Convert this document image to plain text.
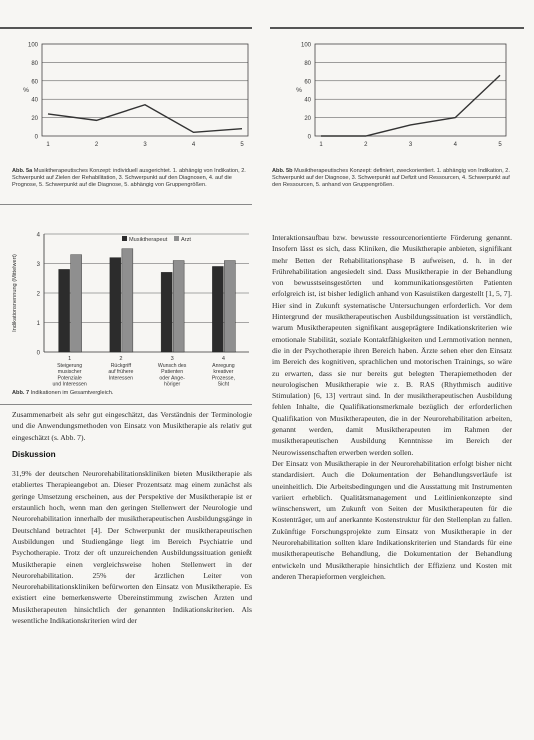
0
20
40
60
80
100
%
1	2	3	4	5
Abb. 5a Musiktherapeutisches Konzept: individuell ausgerichtet. 1. abhängig von Indikation, 2. Schwerpunkt auf Zielen der Rehabilitation, 3. Schwerpunkt auf den Diagnosen, 4. auf die Prognose, 5. Schwerpunkt auf die Diagnose, 5. abhängig von Gruppengrößen.
0
20
40
60
80
100
%
1	2	3	4	5
Abb. 5b Musiktherapeutisches Konzept: definiert, zweckorientiert. 1. abhängig von Indikation, 2. Schwerpunkt auf der Diagnose, 3. Schwerpunkt auf Defizit und Ressourcen, 4. Schwerpunkt auf den Ressourcen, 5. anhand von Gruppengrößen.
0
1
2
3
4
Indikationsnennung (Mittelwert)
1
Steigerung
musischer
Potenziale
und Interessen
2
Rückgriff
auf frühere
Interessen
3
Wunsch des
Patienten
oder Ange-
höriger
4
Anregung
kreativer
Prozesse,
Sicht
Musiktherapeut Arzt
Abb. 7 Indikationen im Gesamtvergleich.

Zusammenarbeit als sehr gut eingeschätzt, das Verständnis der Terminologie und die Anwendungsmethoden von Einsatz von Musiktherapie als relativ gut eingeschätzt (s. Abb. 7).

Diskussion

31,9% der deutschen Neurorehabilitationskliniken bieten Musiktherapie als etabliertes Therapieangebot an. Dieser Prozentsatz mag einem zunächst als geringe Umsetzung erscheinen, aus der Perspektive der Musiktherapie ist er erstaunlich hoch, wenn man den geringen Stellenwert der Neurologie und Neurorehabilitation innerhalb der musiktherapeutischen Ausbildungsgänge in Deutschland betrachtet [4]. Der Schwerpunkt der musiktherapeutischen Ausbildungen und Studiengänge liegt im Bereich Psychiatrie und Psychotherapie. Trotz der oft unzureichenden Ausbildungssituation genießt Musiktherapie einen vergleichsweise hohen Stellenwert in der Neurorehabilitation. 25% der ärztlichen Leiter von Neurorehabilitationskliniken befürworten den Einsatz von Musiktherapie. Es existiert eine bemerkenswerte Übereinstimmung zwischen Ärzten und Musiktherapeuten hinsichtlich der genannten Indikationskriterien. Als wesentliche Indikationskriterien wird der

Interaktionsaufbau bzw. bewusste ressourcenorientierte Förderung genannt. Insofern lässt es sich, dass Kliniken, die Musiktherapie anbieten, signifikant mehr Betten der Rehabilitationsphase B aufweisen, d. h. in der Frührehabilitation angesiedelt sind. Dass Musiktherapie in der Behandlung von bewusstseinsgestörten und kommunikationsgestörten Patienten erfolgreich ist, ist bisher lediglich anhand von Kasuistiken dargestellt [1, 5, 7]. Hier sind in Zukunft systematische Untersuchungen erforderlich. Vor dem Hintergrund der musiktherapeutischen Ausbildungssituation ist verständlich, warum Musiktherapeuten signifikant ausgeprägtere Indikationskriterien wie emotionale Stabilität, soziale Kontaktfähigkeiten und Lernmotivation nennen, die in der Psychotherapie ihren Bereich haben. Ärzte sehen eher den Einsatz im Bereich des kognitiven, sprachlichen und motorischen Trainings, so wäre zu erwarten, dass sie nur bereits gut belegten Therapiemethoden der neurologischen Musiktherapie wie z. B. RAS (Rhythmisch auditive Stimulation) [6, 13] vertraut sind. In der musiktherapeutischen Ausbildung fehlen Inhalte, die Qualifikationsmerkmale bezüglich der erforderlichen Qualifikation von Musiktherapeuten, die in der Neurorehabilitation arbeiten, genannt werden, damit Musiktherapeuten im Rahmen der musiktherapeutischen Ausbildung Kenntnisse im Bereich der Neurowissenschaften erwerben werden sollen.

Der Einsatz von Musiktherapie in der Neurorehabilitation erfolgt bisher nicht standardisiert. Auch die Dokumentation der Behandlungsverläufe ist uneinheitlich. Die Arbeitsbedingungen und die Ausstattung mit Instrumenten variiert erheblich. Qualitätsmanagement und Leitlinienkonzepte sind wünschenswert, um Zukunft von Seiten der Musiktherapeuten für die Kostenträger, um auf anerkannte Kostenstruktur für den Stellenplan zu fallen. Zukünftige Forschungsprojekte zum Einsatz von Musiktherapie in der Neurorehabilitation sollten klare Indikationskriterien und Standards für eine musiktherapeutische Behandlung, die Dokumentation der Behandlung entwickeln und Musiktherapie hinsichtlich der Effizienz und Kosten mit anderen Therapieformen vergleichen.
